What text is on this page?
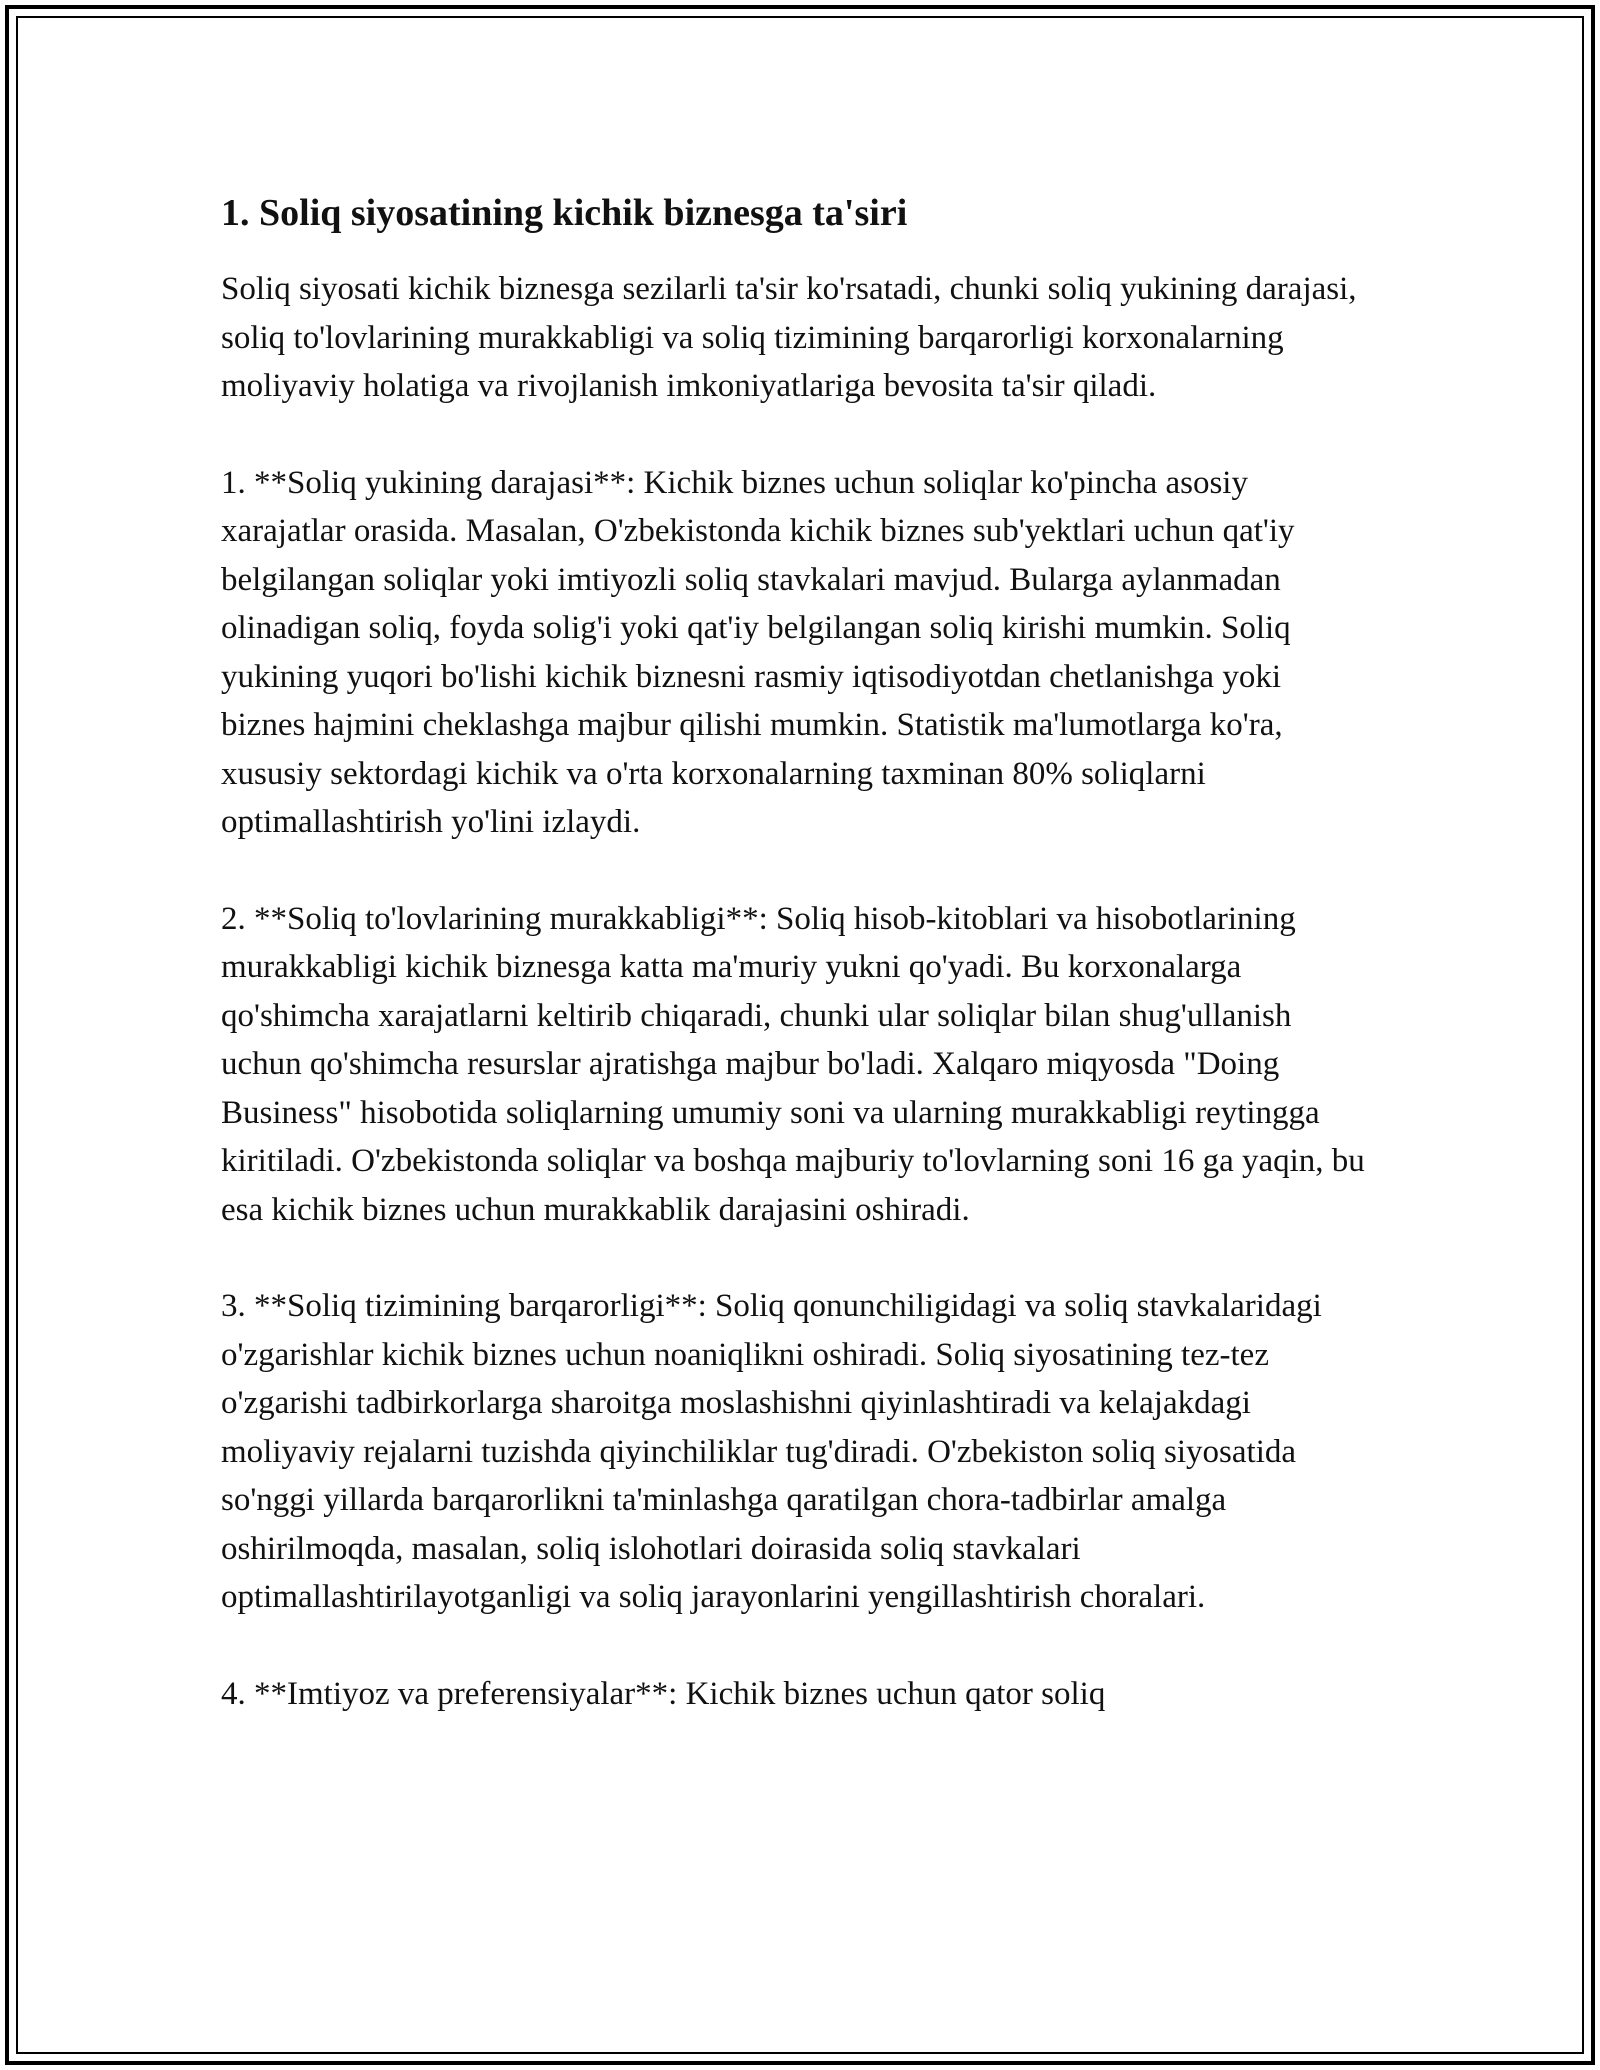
1. Soliq siyosatining kichik biznesga ta'siri

Soliq siyosati kichik biznesga sezilarli ta'sir ko'rsatadi, chunki soliq yukining darajasi, soliq to'lovlarining murakkabligi va soliq tizimining barqarorligi korxonalarning moliyaviy holatiga va rivojlanish imkoniyatlariga bevosita ta'sir qiladi.

1. **Soliq yukining darajasi**: Kichik biznes uchun soliqlar ko'pincha asosiy xarajatlar orasida. Masalan, O'zbekistonda kichik biznes sub'yektlari uchun qat'iy belgilangan soliqlar yoki imtiyozli soliq stavkalari mavjud. Bularga aylanmadan olinadigan soliq, foyda solig'i yoki qat'iy belgilangan soliq kirishi mumkin. Soliq yukining yuqori bo'lishi kichik biznesni rasmiy iqtisodiyotdan chetlanishga yoki biznes hajmini cheklashga majbur qilishi mumkin. Statistik ma'lumotlarga ko'ra, xususiy sektordagi kichik va o'rta korxonalarning taxminan 80% soliqlarni optimallashtirish yo'lini izlaydi.

2. **Soliq to'lovlarining murakkabligi**: Soliq hisob-kitoblari va hisobotlarining murakkabligi kichik biznesga katta ma'muriy yukni qo'yadi. Bu korxonalarga qo'shimcha xarajatlarni keltirib chiqaradi, chunki ular soliqlar bilan shug'ullanish uchun qo'shimcha resurslar ajratishga majbur bo'ladi. Xalqaro miqyosda "Doing Business" hisobotida soliqlarning umumiy soni va ularning murakkabligi reytingga kiritiladi. O'zbekistonda soliqlar va boshqa majburiy to'lovlarning soni 16 ga yaqin, bu esa kichik biznes uchun murakkablik darajasini oshiradi.

3. **Soliq tizimining barqarorligi**: Soliq qonunchiligidagi va soliq stavkalaridagi o'zgarishlar kichik biznes uchun noaniqlikni oshiradi. Soliq siyosatining tez-tez o'zgarishi tadbirkorlarga sharoitga moslashishni qiyinlashtiradi va kelajakdagi moliyaviy rejalarni tuzishda qiyinchiliklar tug'diradi. O'zbekiston soliq siyosatida so'nggi yillarda barqarorlikni ta'minlashga qaratilgan chora-tadbirlar amalga oshirilmoqda, masalan, soliq islohotlari doirasida soliq stavkalari optimallashtirilayotganligi va soliq jarayonlarini yengillashtirish choralari.

4. **Imtiyoz va preferensiyalar**: Kichik biznes uchun qator soliq
